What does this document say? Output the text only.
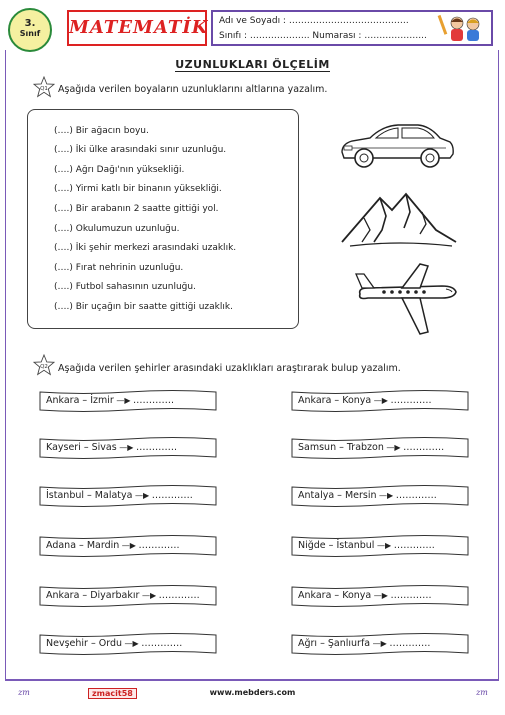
3.
Sınıf	MATEMATİK Adı ve Soyadı : ………………………………….
Sınıfı : ……………….. Numarası : ………………...
UZUNLUKLARI ÖLÇELİM
Q1 Aşağıda verilen boyaların uzunluklarını altlarına yazalım.
(….) Bir ağacın boyu.
(….) İki ülke arasındaki sınır uzunluğu.
(….) Ağrı Dağı'nın yüksekliği.
(….) Yirmi katlı bir binanın yüksekliği.
(….) Bir arabanın 2 saatte gittiği yol.
(….) Okulumuzun uzunluğu.
(….) İki şehir merkezi arasındaki uzaklık.
(….) Fırat nehrinin uzunluğu.
(….) Futbol sahasının uzunluğu.
(….) Bir uçağın bir saatte gittiği uzaklık.
Q2 Aşağıda verilen şehirler arasındaki uzaklıkları araştırarak bulup yazalım.
Ankara – İzmir —▶ ………….
Kayseri – Sivas —▶ ………….
İstanbul – Malatya —▶ ………….
Adana – Mardin —▶ ………….
Ankara – Diyarbakır —▶ ………….
Nevşehir – Ordu —▶ ………….
Ankara – Konya —▶ ………….
Samsun – Trabzon —▶ ………….
Antalya – Mersin —▶ ………….
Niğde – İstanbul —▶ ………….
Ankara – Konya —▶ ………….
Ağrı – Şanlıurfa —▶ ………….
zm	zmacit58	www.mebders.com	zm
